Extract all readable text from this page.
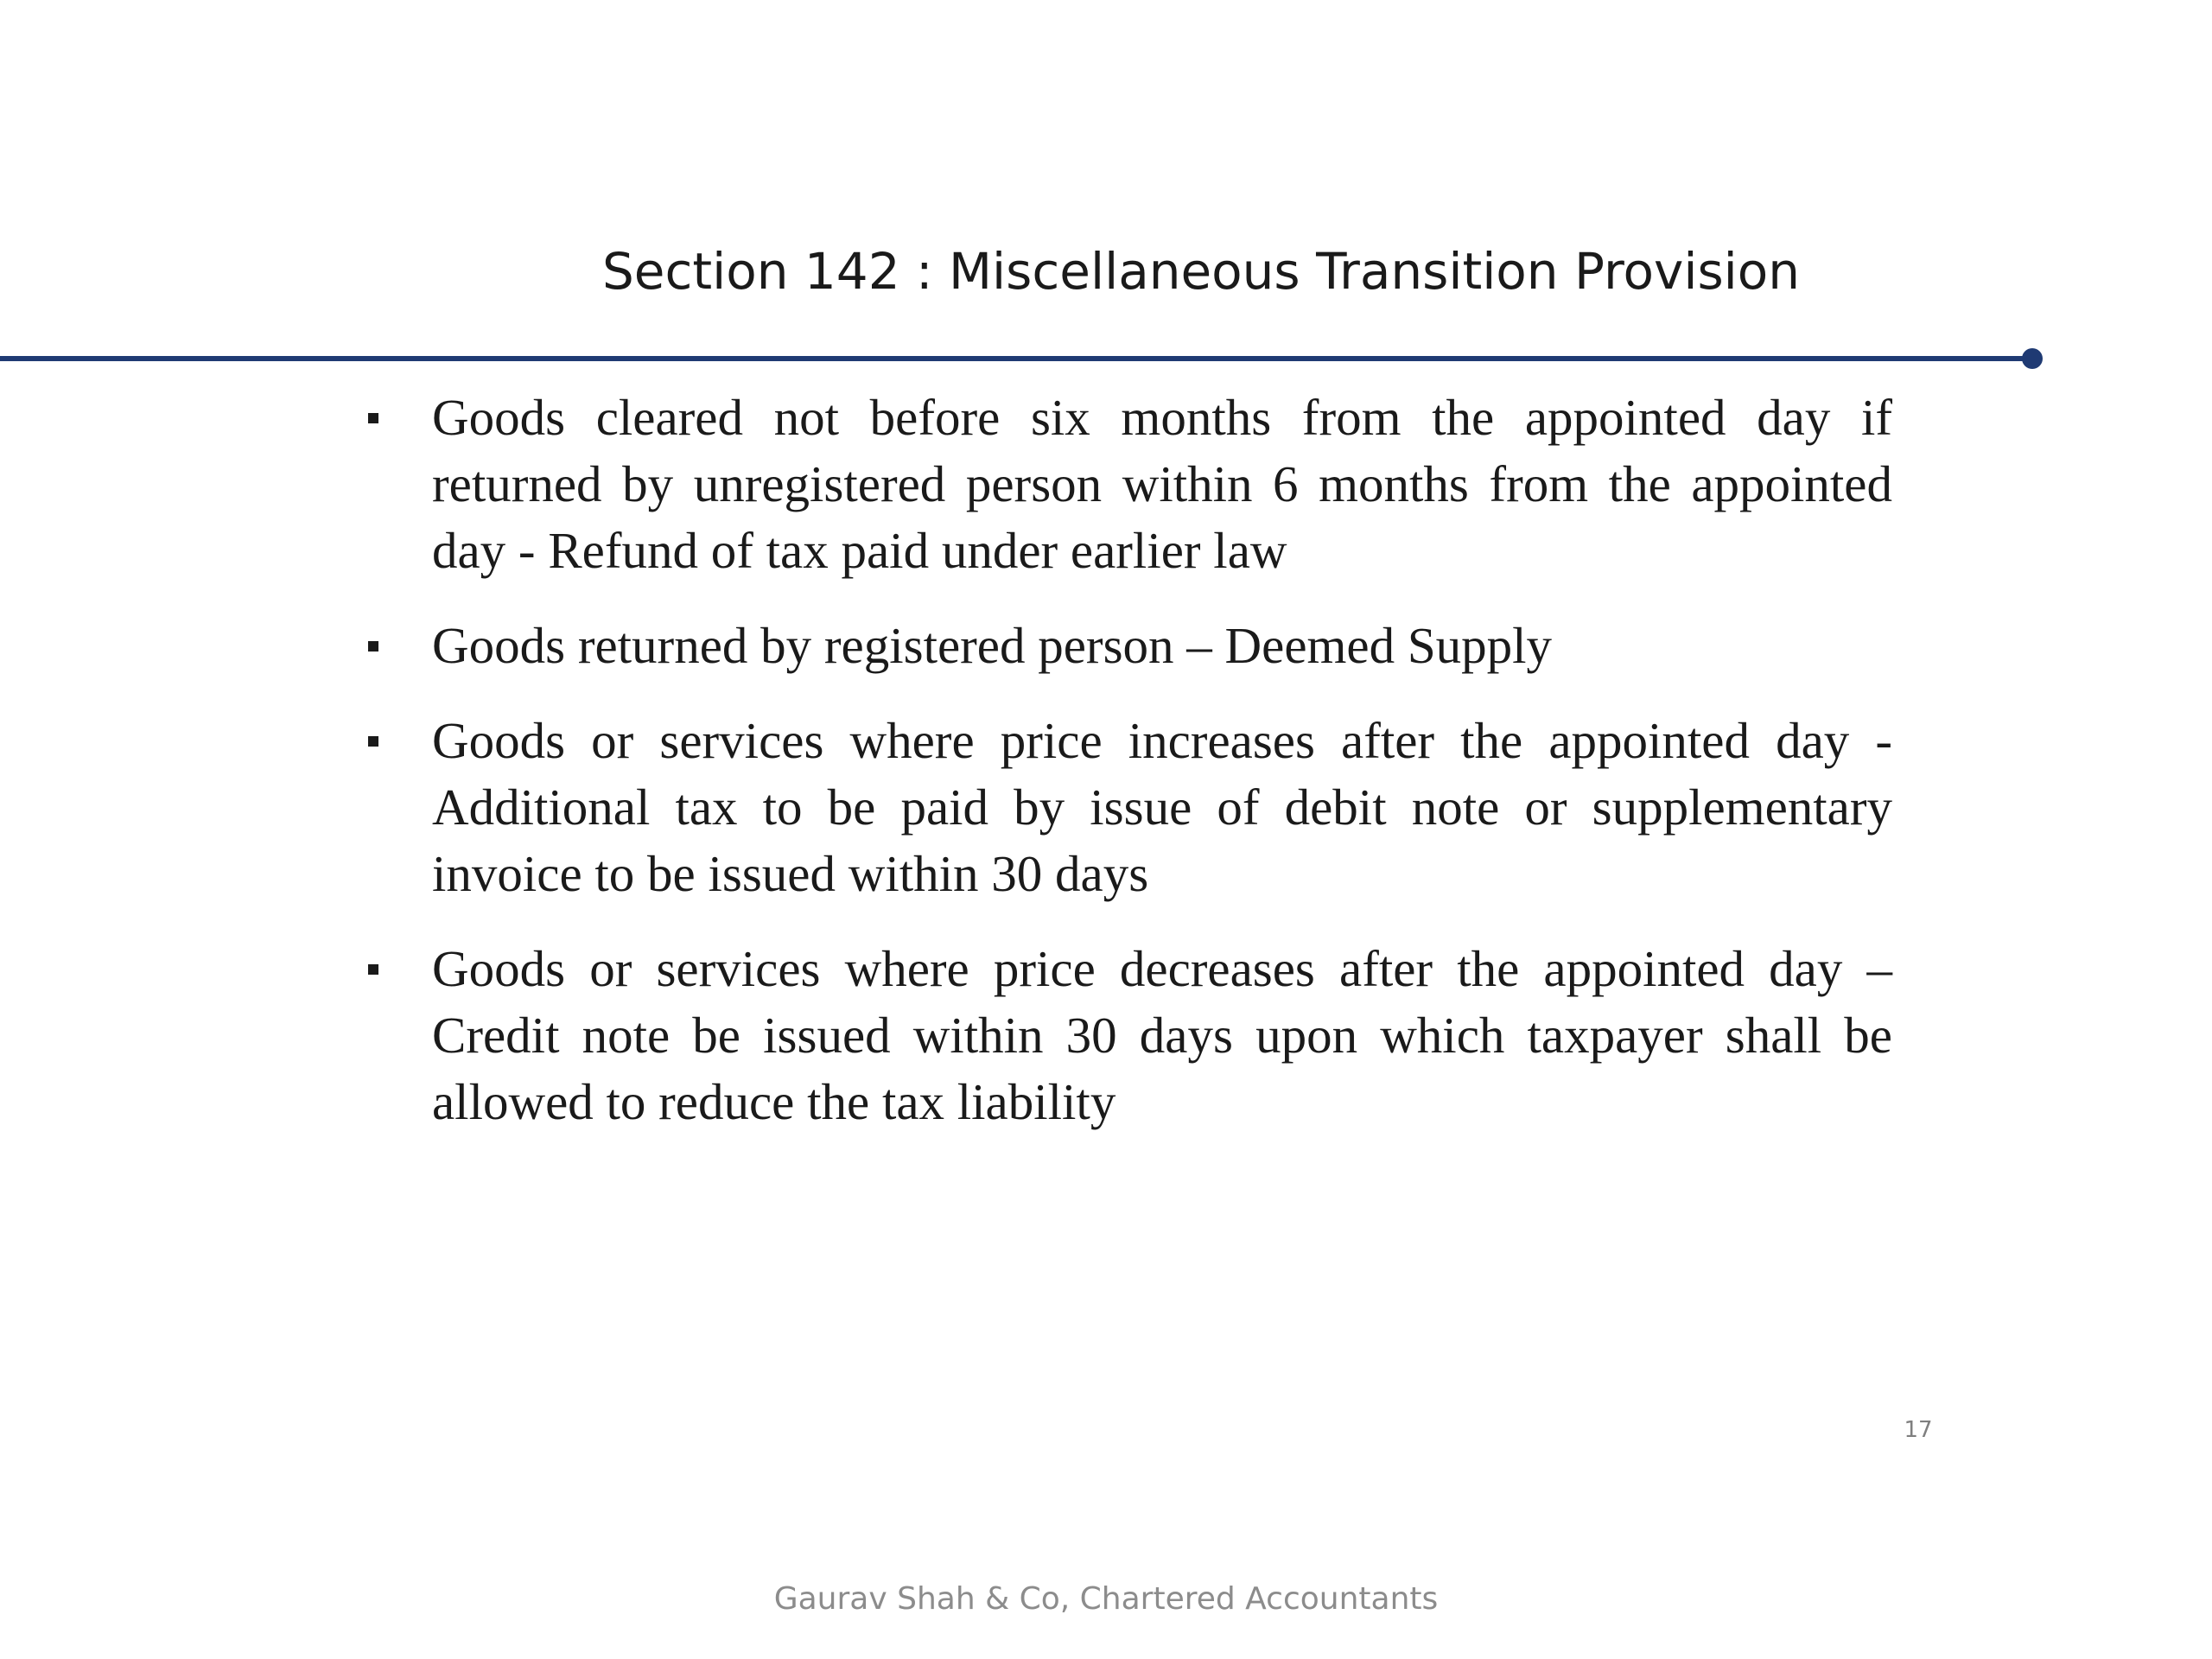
Section 142 : Miscellaneous Transition Provision
Goods cleared not before six months from the appointed day if returned by unregistered person within 6 months from the appointed day - Refund of tax paid under earlier law
Goods returned by registered person – Deemed Supply
Goods or services where price increases after the appointed day - Additional tax to be paid by issue of debit note or supplementary invoice to be issued within 30 days
Goods or services where price decreases after the appointed day – Credit note be issued within 30 days upon which taxpayer shall be allowed to reduce the tax liability
17
Gaurav Shah & Co, Chartered Accountants
